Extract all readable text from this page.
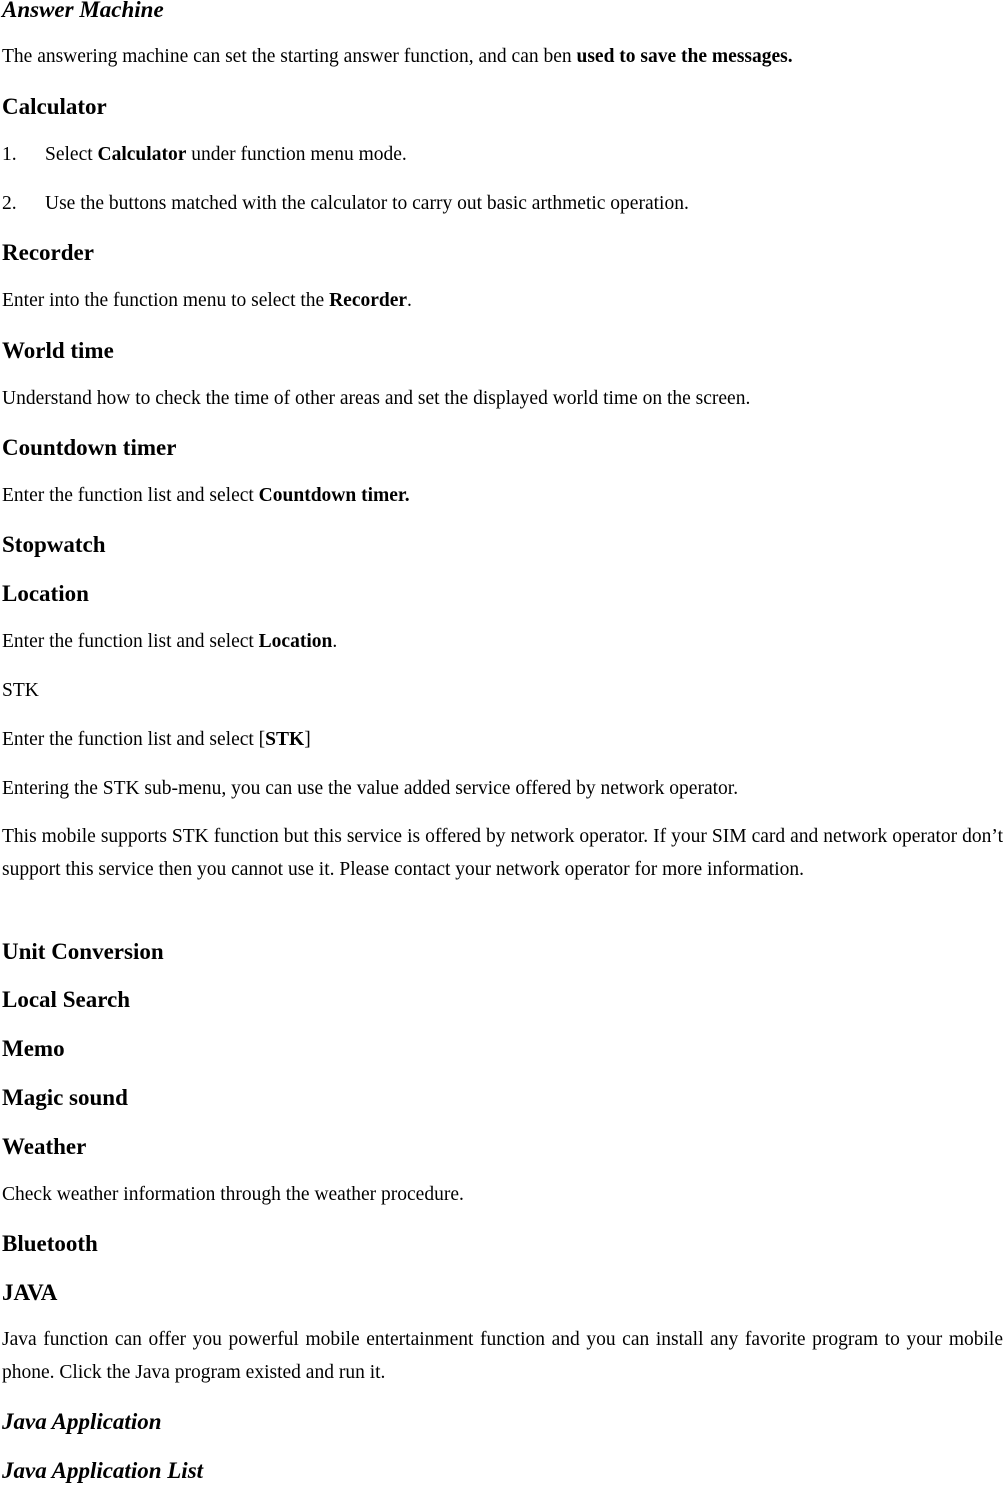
Answer Machine
The answering machine can set the starting answer function, and can ben used to save the messages.
Calculator
1. Select Calculator under function menu mode.
2. Use the buttons matched with the calculator to carry out basic arthmetic operation.
Recorder
Enter into the function menu to select the Recorder.
World time
Understand how to check the time of other areas and set the displayed world time on the screen.
Countdown timer
Enter the function list and select Countdown timer.
Stopwatch
Location
Enter the function list and select Location.
STK
Enter the function list and select [STK]
Entering the STK sub-menu, you can use the value added service offered by network operator.
This mobile supports STK function but this service is offered by network operator. If your SIM card and network operator don’t support this service then you cannot use it. Please contact your network operator for more information.
Unit Conversion
Local Search
Memo
Magic sound
Weather
Check weather information through the weather procedure.
Bluetooth
JAVA
Java function can offer you powerful mobile entertainment function and you can install any favorite program to your mobile phone. Click the Java program existed and run it.
Java Application
Java Application List
